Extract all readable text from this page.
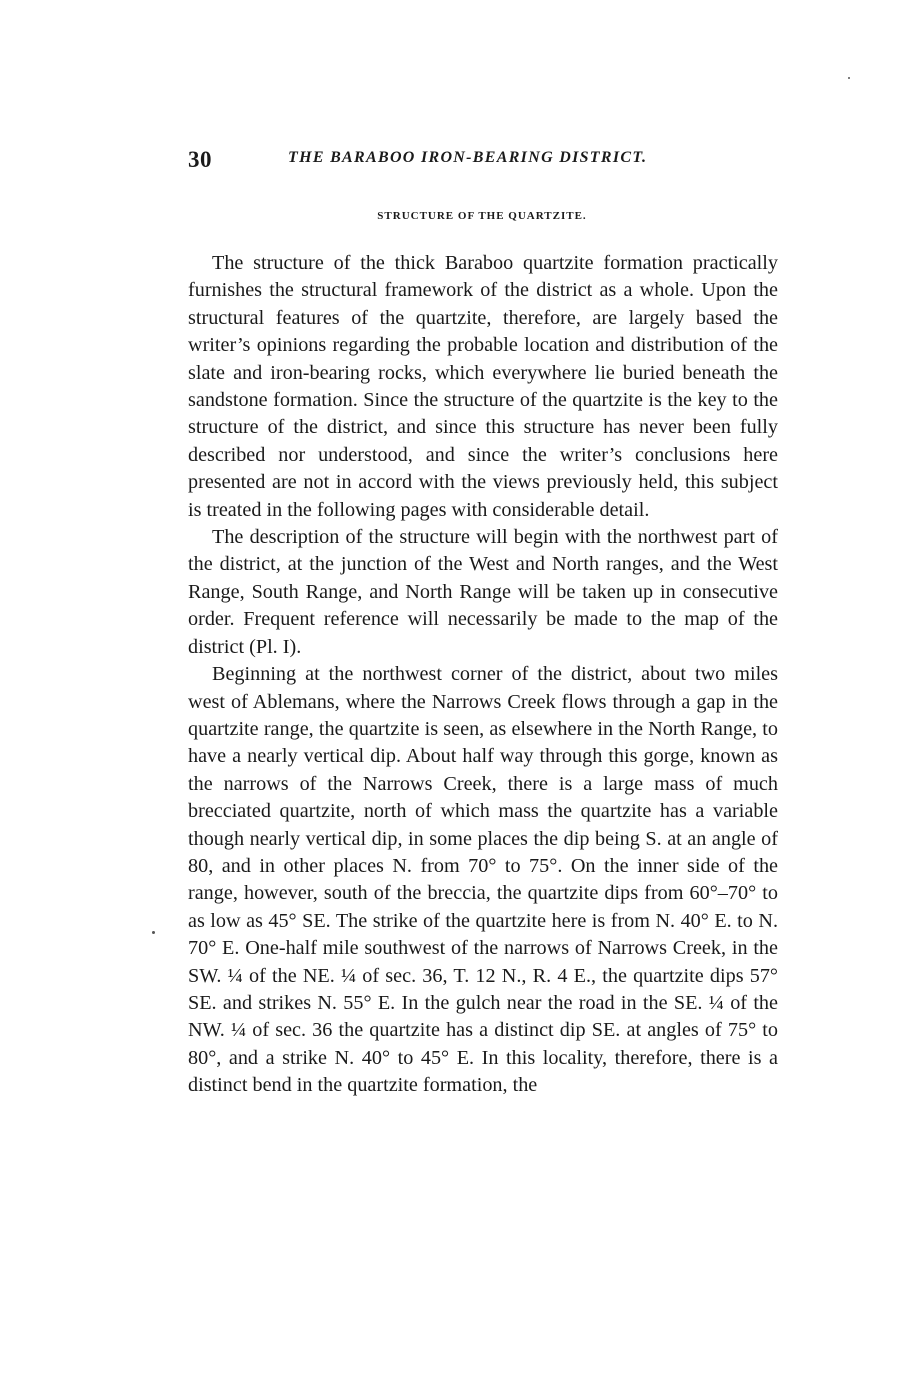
30	THE BARABOO IRON-BEARING DISTRICT.
STRUCTURE OF THE QUARTZITE.

The structure of the thick Baraboo quartzite formation practically furnishes the structural framework of the district as a whole. Upon the structural features of the quartzite, therefore, are largely based the writer’s opinions regarding the probable location and distribution of the slate and iron-bearing rocks, which everywhere lie buried beneath the sandstone formation. Since the structure of the quartzite is the key to the structure of the district, and since this structure has never been fully described nor understood, and since the writer’s conclusions here presented are not in accord with the views previously held, this subject is treated in the following pages with considerable detail.

The description of the structure will begin with the northwest part of the district, at the junction of the West and North ranges, and the West Range, South Range, and North Range will be taken up in consecutive order. Frequent reference will necessarily be made to the map of the district (Pl. I).

Beginning at the northwest corner of the district, about two miles west of Ablemans, where the Narrows Creek flows through a gap in the quartzite range, the quartzite is seen, as elsewhere in the North Range, to have a nearly vertical dip. About half way through this gorge, known as the narrows of the Narrows Creek, there is a large mass of much brecciated quartzite, north of which mass the quartzite has a variable though nearly vertical dip, in some places the dip being S. at an angle of 80, and in other places N. from 70° to 75°. On the inner side of the range, however, south of the breccia, the quartzite dips from 60°–70° to as low as 45° SE. The strike of the quartzite here is from N. 40° E. to N. 70° E. One-half mile southwest of the narrows of Narrows Creek, in the SW. ¼ of the NE. ¼ of sec. 36, T. 12 N., R. 4 E., the quartzite dips 57° SE. and strikes N. 55° E. In the gulch near the road in the SE. ¼ of the NW. ¼ of sec. 36 the quartzite has a distinct dip SE. at angles of 75° to 80°, and a strike N. 40° to 45° E. In this locality, therefore, there is a distinct bend in the quartzite formation, the
